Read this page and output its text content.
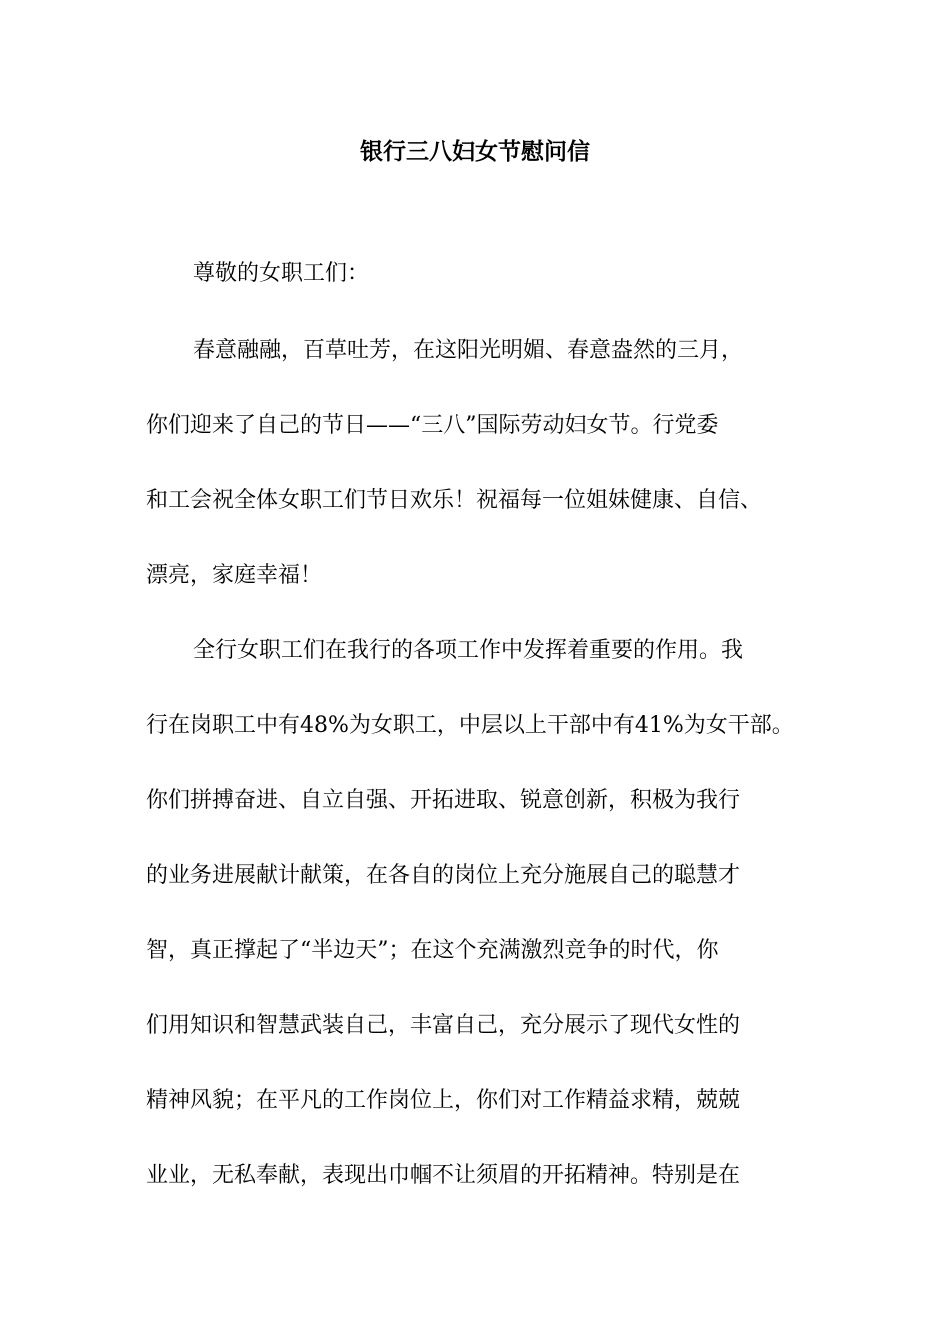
银行三八妇女节慰问信

尊敬的女职工们：

春意融融，百草吐芳，在这阳光明媚、春意盎然的三月，

你们迎来了自己的节日——“三八”国际劳动妇女节。行党委

和工会祝全体女职工们节日欢乐！祝福每一位姐妹健康、自信、

漂亮，家庭幸福！

全行女职工们在我行的各项工作中发挥着重要的作用。我

行在岗职工中有48%为女职工，中层以上干部中有41%为女干部。

你们拼搏奋进、自立自强、开拓进取、锐意创新，积极为我行

的业务进展献计献策，在各自的岗位上充分施展自己的聪慧才

智，真正撑起了“半边天”；在这个充满激烈竞争的时代，你

们用知识和智慧武装自己，丰富自己，充分展示了现代女性的

精神风貌；在平凡的工作岗位上，你们对工作精益求精，兢兢

业业，无私奉献，表现出巾帼不让须眉的开拓精神。特别是在
